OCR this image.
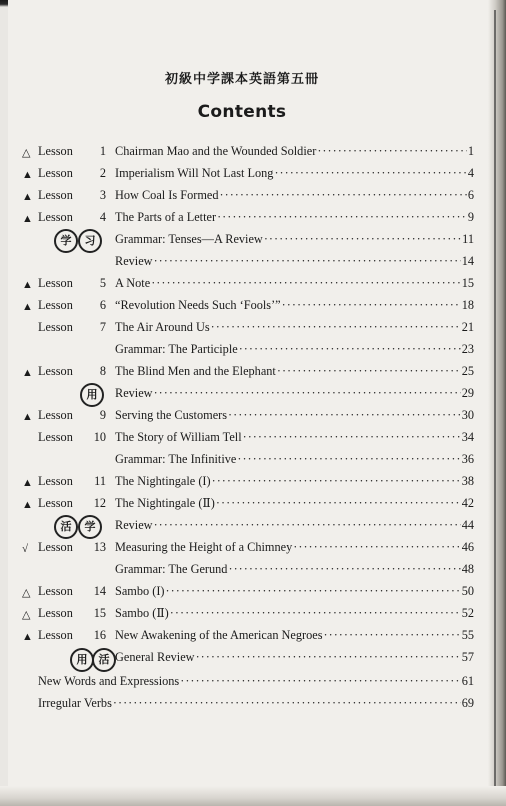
初級中学課本英語第五冊
Contents
△ Lesson	1 Chairman Mao and the Wounded Soldier ·····	1
▲ Lesson	2 Imperialism Will Not Last Long ·····	4
▲ Lesson	3 How Coal Is Formed ·····	6
▲ Lesson	4 The Parts of a Letter ·····	9
Grammar: Tenses—A Review ·····	11
Review ·····	14
▲ Lesson	5 A Note ·····	15
▲ Lesson	6 “Revolution Needs Such ‘Fools’” ·····	18
Lesson	7 The Air Around Us ·····	21
Grammar: The Participle ·····	23
▲ Lesson	8 The Blind Men and the Elephant ·····	25
Review ·····	29
▲ Lesson	9 Serving the Customers ·····	30
Lesson 10 The Story of William Tell ·····	34
Grammar: The Infinitive ·····	36
▲ Lesson 11 The Nightingale (I) ·····	38
▲ Lesson 12 The Nightingale (Ⅱ) ·····	42
Review ·····	44
√ Lesson 13 Measuring the Height of a Chimney ·····	46
Grammar: The Gerund ·····	48
△ Lesson 14 Sambo (I) ·····	50
△ Lesson 15 Sambo (Ⅱ) ·····	52
▲ Lesson 16 New Awakening of the American Negroes ·····	55
General Review ·····	57
New Words and Expressions ·····	61
Irregular Verbs ·····	69
学	习
用
活	学
用	活
